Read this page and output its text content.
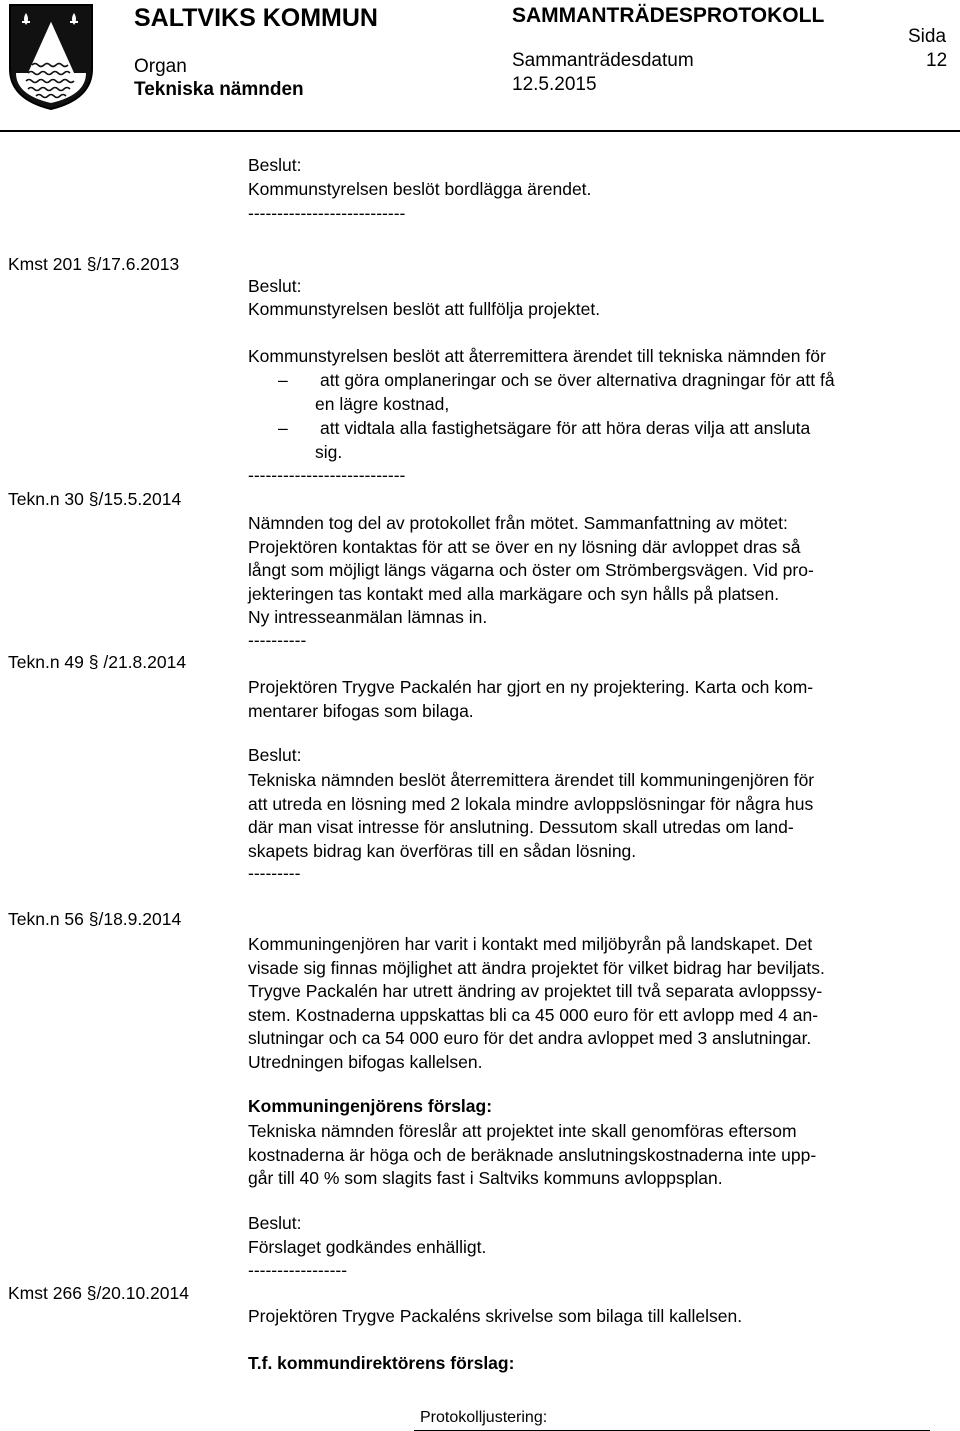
SALTVIKS KOMMUN	SAMMANTRÄDESPROTOKOLL
Sida
12
Organ
Tekniska nämnden
Sammanträdesdatum
12.5.2015
Kmst 201 §/17.6.2013
Tekn.n 30 §/15.5.2014
Tekn.n 49 § /21.8.2014
Tekn.n 56 §/18.9.2014
Kmst 266 §/20.10.2014
Beslut:
Kommunstyrelsen beslöt bordlägga ärendet.
---------------------------
Beslut:
Kommunstyrelsen beslöt att fullfölja projektet.
Kommunstyrelsen beslöt att återremittera ärendet till tekniska nämnden för
– att göra omplaneringar och se över alternativa dragningar för att få
en lägre kostnad,
– att vidtala alla fastighetsägare för att höra deras vilja att ansluta
sig.
---------------------------
Nämnden tog del av protokollet från mötet. Sammanfattning av mötet:
Projektören kontaktas för att se över en ny lösning där avloppet dras så
långt som möjligt längs vägarna och öster om Strömbergsvägen. Vid pro-
jekteringen tas kontakt med alla markägare och syn hålls på platsen.
Ny intresseanmälan lämnas in.
----------
Projektören Trygve Packalén har gjort en ny projektering. Karta och kom-
mentarer bifogas som bilaga.
Beslut:
Tekniska nämnden beslöt återremittera ärendet till kommuningenjören för
att utreda en lösning med 2 lokala mindre avloppslösningar för några hus
där man visat intresse för anslutning. Dessutom skall utredas om land-
skapets bidrag kan överföras till en sådan lösning.
---------
Kommuningenjören har varit i kontakt med miljöbyrån på landskapet. Det
visade sig finnas möjlighet att ändra projektet för vilket bidrag har beviljats.
Trygve Packalén har utrett ändring av projektet till två separata avloppssy-
stem. Kostnaderna uppskattas bli ca 45 000 euro för ett avlopp med 4 an-
slutningar och ca 54 000 euro för det andra avloppet med 3 anslutningar.
Utredningen bifogas kallelsen.
Kommuningenjörens förslag:
Tekniska nämnden föreslår att projektet inte skall genomföras eftersom
kostnaderna är höga och de beräknade anslutningskostnaderna inte upp-
går till 40 % som slagits fast i Saltviks kommuns avloppsplan.
Beslut:
Förslaget godkändes enhälligt.
-----------------
Projektören Trygve Packaléns skrivelse som bilaga till kallelsen.
T.f. kommundirektörens förslag:
Protokolljustering:
